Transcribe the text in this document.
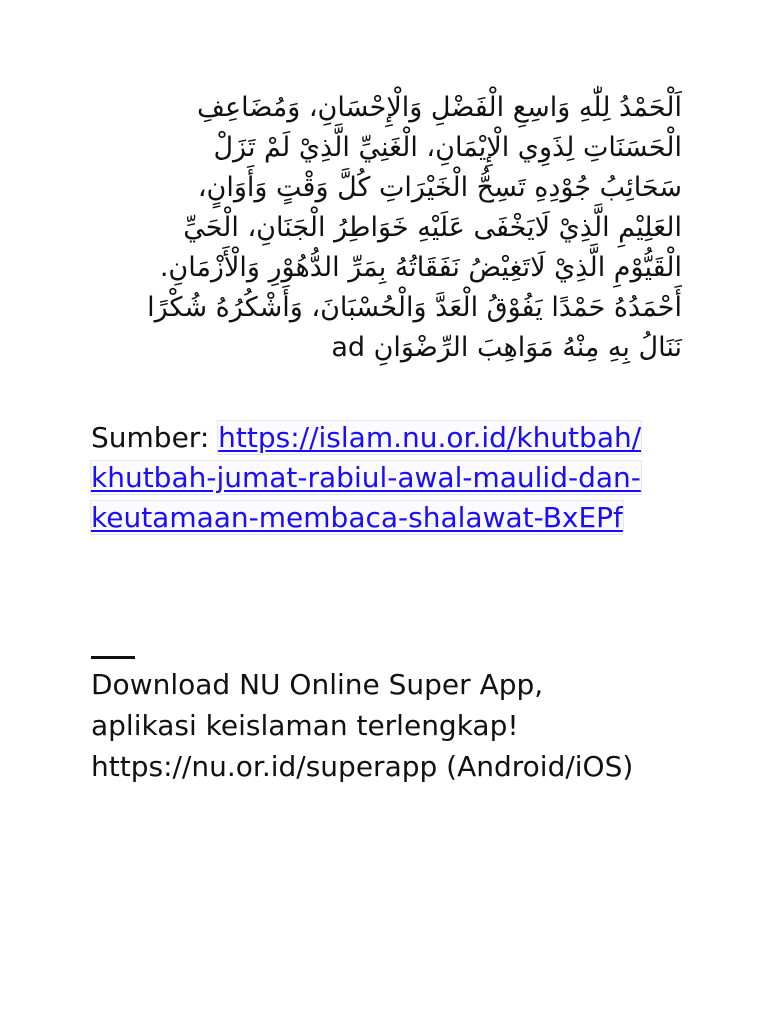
اَلْحَمْدُ لِلّٰهِ وَاسِعِ الْفَضْلِ وَالْإِحْسَانِ، وَمُضَاعِفِ
الْحَسَنَاتِ لِذَوِي الْإِيْمَانِ، الْغَنِيِّ الَّذِيْ لَمْ تَزَلْ
سَحَائِبُ جُوْدِهِ تَسِحُّ الْخَيْرَاتِ كُلَّ وَقْتٍ وَأَوَانٍ،
العَلِيْمِ الَّذِيْ لَايَخْفَى عَلَيْهِ خَوَاطِرُ الْجَنَانِ، الْحَيِّ
الْقَيُّوْمِ الَّذِيْ لَاتَغِيْضُ نَفَقَاتُهُ بِمَرِّ الدُّهُوْرِ وَالْأَزْمَانِ.
أَحْمَدُهُ حَمْدًا يَفُوْقُ الْعَدَّ وَالْحُسْبَانَ، وَأَشْكُرُهُ شُكْرًا
نَنَالُ بِهِ مِنْهُ مَوَاهِبَ الرِّضْوَانِ ad
Sumber: https://islam.nu.or.id/khutbah/
khutbah-jumat-rabiul-awal-maulid-dan-
keutamaan-membaca-shalawat-BxEPf
Download NU Online Super App,
aplikasi keislaman terlengkap!
https://nu.or.id/superapp (Android/iOS)
